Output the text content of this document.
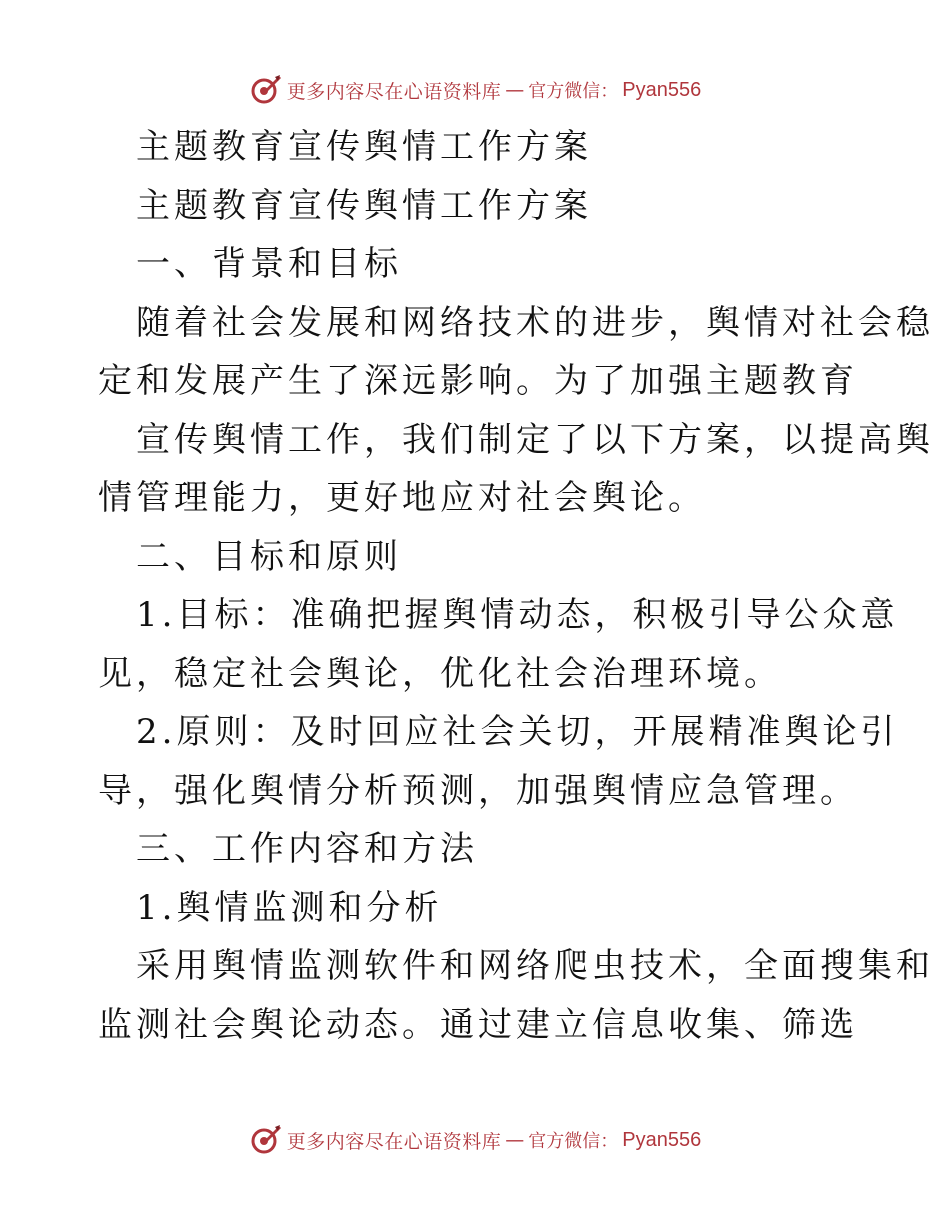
更多内容尽在心语资料库 — 官方微信： Pyan556
主题教育宣传舆情工作方案
主题教育宣传舆情工作方案
一、背景和目标
随着社会发展和网络技术的进步，舆情对社会稳
定和发展产生了深远影响。为了加强主题教育
宣传舆情工作，我们制定了以下方案，以提高舆
情管理能力，更好地应对社会舆论。
二、目标和原则
1.目标：准确把握舆情动态，积极引导公众意
见，稳定社会舆论，优化社会治理环境。
2.原则：及时回应社会关切，开展精准舆论引
导，强化舆情分析预测，加强舆情应急管理。
三、工作内容和方法
1.舆情监测和分析
采用舆情监测软件和网络爬虫技术，全面搜集和
监测社会舆论动态。通过建立信息收集、筛选
更多内容尽在心语资料库 — 官方微信： Pyan556
